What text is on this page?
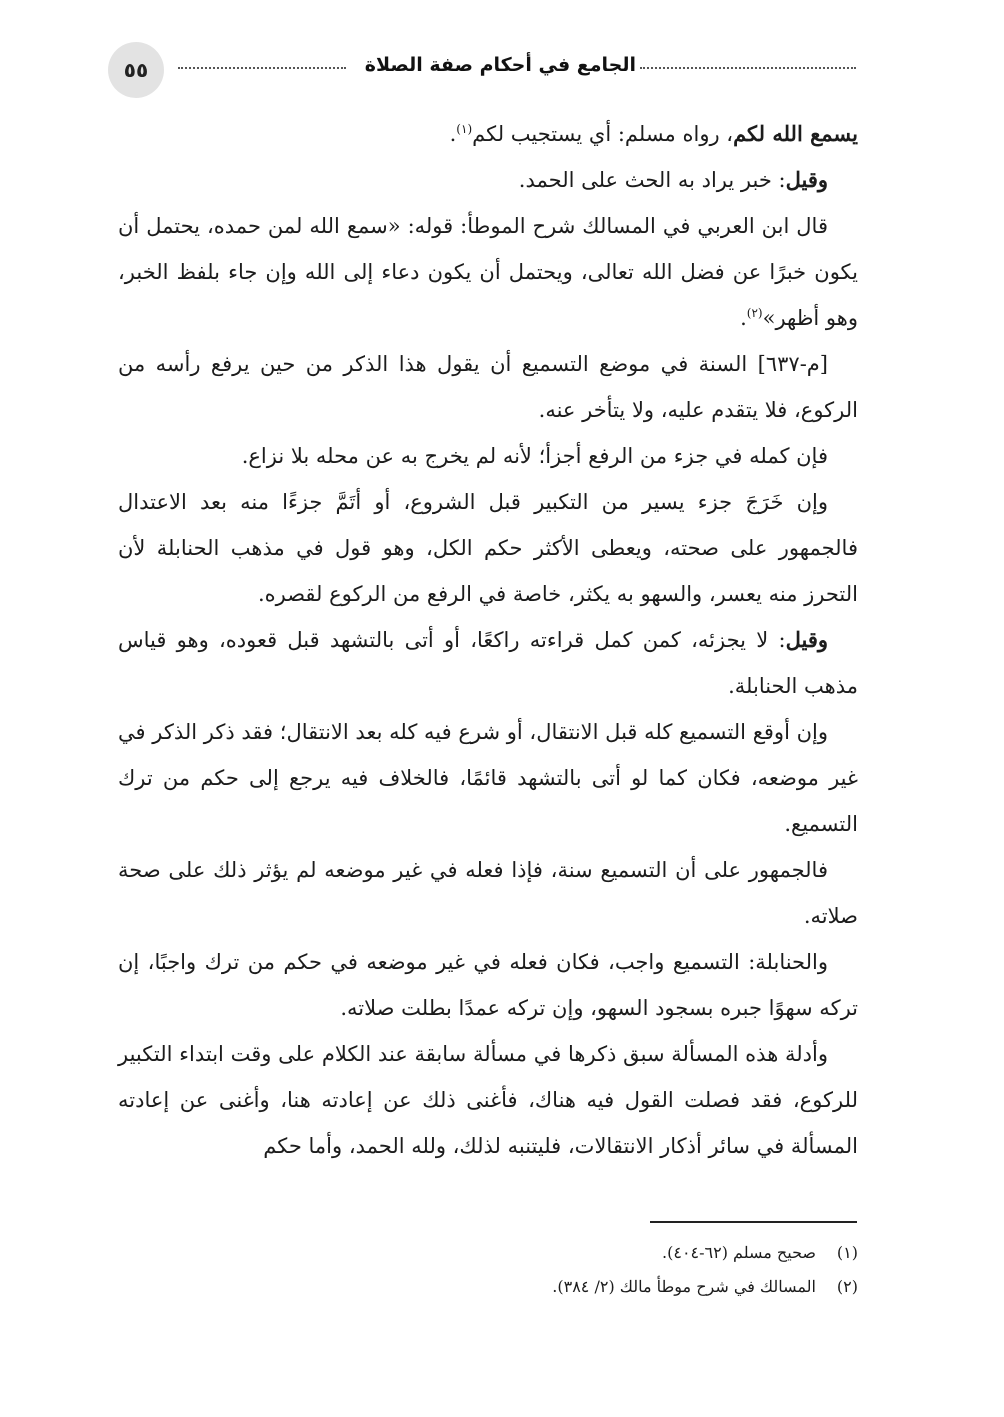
٥٥	الجامع في أحكام صفة الصلاة

يسمع الله لكم، رواه مسلم: أي يستجيب لكم$^{(١)}$.

وقيل: خبر يراد به الحث على الحمد.

قال ابن العربي في المسالك شرح الموطأ: قوله: «سمع الله لمن حمده، يحتمل أن يكون خبرًا عن فضل الله تعالى، ويحتمل أن يكون دعاء إلى الله وإن جاء بلفظ الخبر، وهو أظهر»$^{(٢)}$.

[م-٦٣٧] السنة في موضع التسميع أن يقول هذا الذكر من حين يرفع رأسه من الركوع، فلا يتقدم عليه، ولا يتأخر عنه.

فإن كمله في جزء من الرفع أجزأ؛ لأنه لم يخرج به عن محله بلا نزاع.

وإن خَرَجَ جزء يسير من التكبير قبل الشروع، أو أتَمَّ جزءًا منه بعد الاعتدال فالجمهور على صحته، ويعطى الأكثر حكم الكل، وهو قول في مذهب الحنابلة لأن التحرز منه يعسر، والسهو به يكثر، خاصة في الرفع من الركوع لقصره.

وقيل: لا يجزئه، كمن كمل قراءته راكعًا، أو أتى بالتشهد قبل قعوده، وهو قياس مذهب الحنابلة.

وإن أوقع التسميع كله قبل الانتقال، أو شرع فيه كله بعد الانتقال؛ فقد ذكر الذكر في غير موضعه، فكان كما لو أتى بالتشهد قائمًا، فالخلاف فيه يرجع إلى حكم من ترك التسميع.

فالجمهور على أن التسميع سنة، فإذا فعله في غير موضعه لم يؤثر ذلك على صحة صلاته.

والحنابلة: التسميع واجب، فكان فعله في غير موضعه في حكم من ترك واجبًا، إن تركه سهوًا جبره بسجود السهو، وإن تركه عمدًا بطلت صلاته.

وأدلة هذه المسألة سبق ذكرها في مسألة سابقة عند الكلام على وقت ابتداء التكبير للركوع، فقد فصلت القول فيه هناك، فأغنى ذلك عن إعادته هنا، وأغنى عن إعادته المسألة في سائر أذكار الانتقالات، فليتنبه لذلك، ولله الحمد، وأما حكم

(١)صحيح مسلم (٦٢-٤٠٤).

(٢)المسالك في شرح موطأ مالك (٢/ ٣٨٤).
